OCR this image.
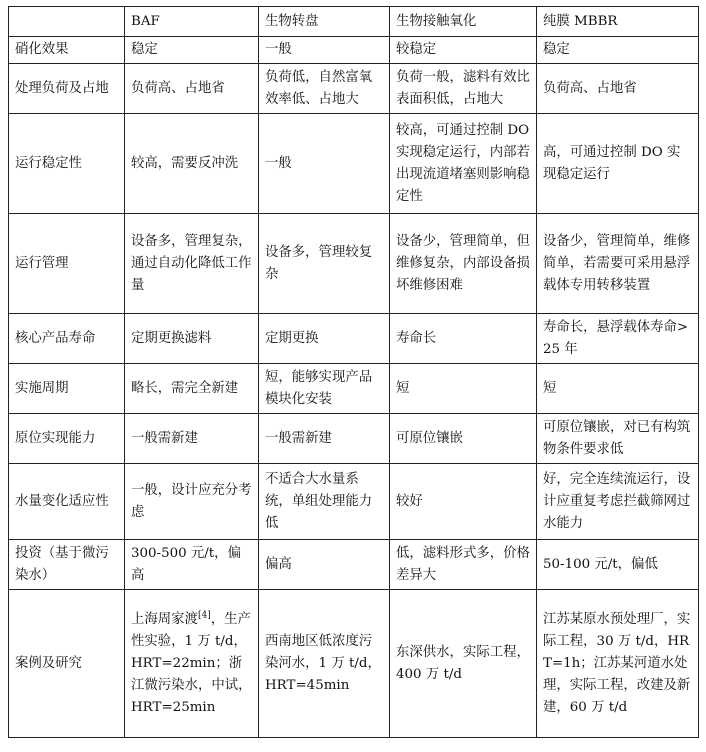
	BAF	生物转盘	生物接触氧化	纯膜 MBBR
硝化效果	稳定	一般	较稳定	稳定
处理负荷及占地	负荷高、占地省	负荷低，自然富氧效率低、占地大	负荷一般，滤料有效比表面积低，占地大	负荷高、占地省
运行稳定性	较高，需要反冲洗	一般	较高，可通过控制 DO 实现稳定运行，内部若出现流道堵塞则影响稳定性	高，可通过控制 DO 实现稳定运行
运行管理	设备多，管理复杂，通过自动化降低工作量	设备多，管理较复杂	设备少，管理简单，但维修复杂，内部设备损坏维修困难	设备少，管理简单，维修简单，若需要可采用悬浮载体专用转移装置
核心产品寿命	定期更换滤料	定期更换	寿命长	寿命长，悬浮载体寿命>25 年
实施周期	略长，需完全新建	短，能够实现产品模块化安装	短	短
原位实现能力	一般需新建	一般需新建	可原位镶嵌	可原位镶嵌，对已有构筑物条件要求低
水量变化适应性	一般，设计应充分考虑	不适合大水量系统，单组处理能力低	较好	好，完全连续流运行，设计应重复考虑拦截筛网过水能力
投资（基于微污染水）	300-500 元/t，偏高	偏高	低，滤料形式多，价格差异大	50-100 元/t，偏低
案例及研究	上海周家渡[4]，生产性实验，1 万 t/d，HRT=22min；浙江微污染水，中试，HRT=25min	西南地区低浓度污染河水，1 万 t/d，HRT=45min	东深供水，实际工程，400 万 t/d	江苏某原水预处理厂，实际工程，30 万 t/d，HRT=1h；江苏某河道水处理，实际工程，改建及新建，60 万 t/d
